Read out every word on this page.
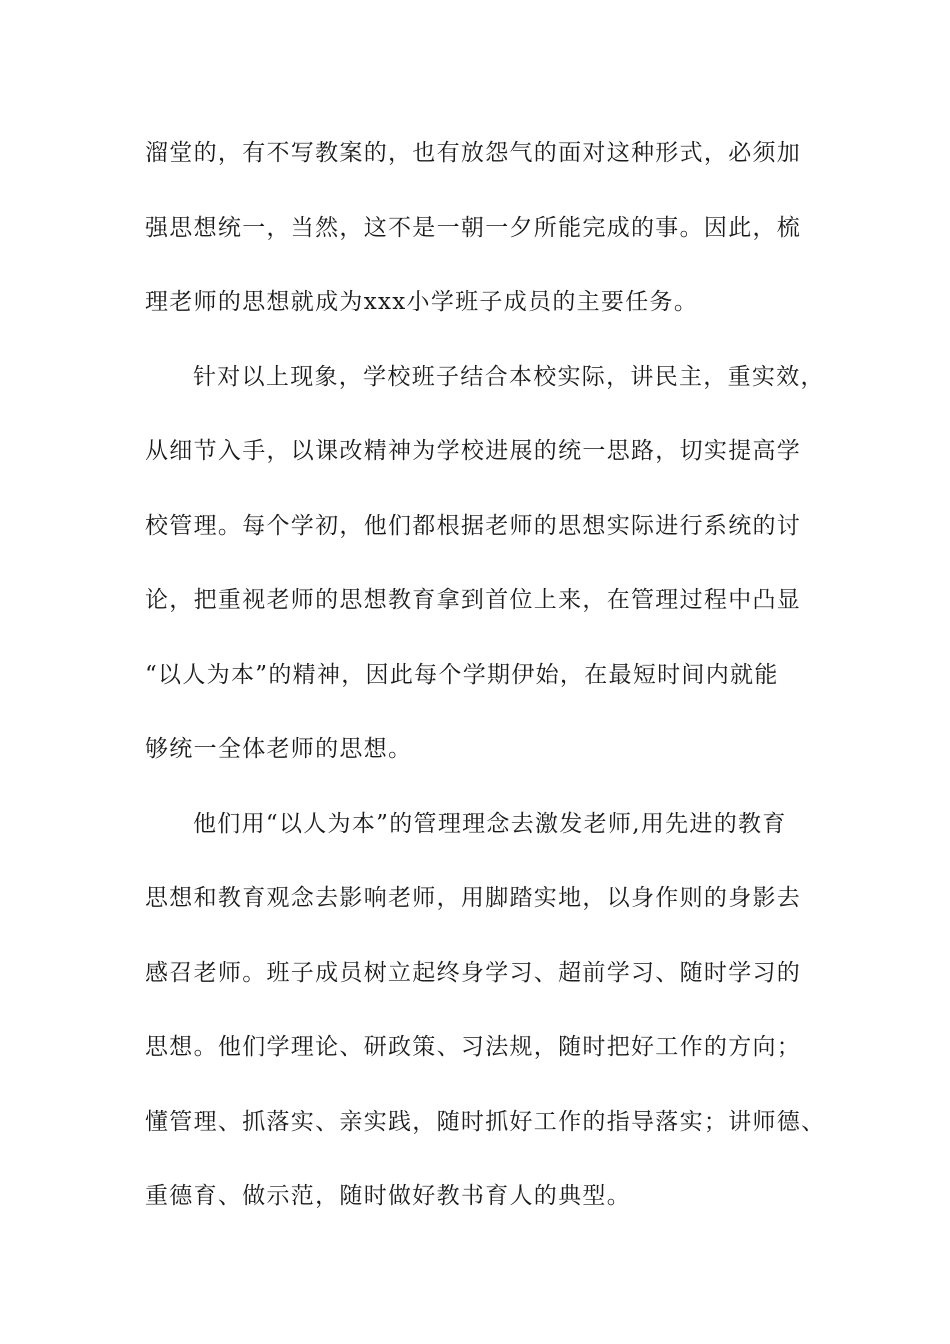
溜堂的，有不写教案的，也有放怨气的面对这种形式，必须加
强思想统一，当然，这不是一朝一夕所能完成的事。因此，梳
理老师的思想就成为xxx小学班子成员的主要任务。
针对以上现象，学校班子结合本校实际，讲民主，重实效，
从细节入手，以课改精神为学校进展的统一思路，切实提高学
校管理。每个学初，他们都根据老师的思想实际进行系统的讨
论，把重视老师的思想教育拿到首位上来，在管理过程中凸显
“以人为本”的精神，因此每个学期伊始，在最短时间内就能
够统一全体老师的思想。
他们用“以人为本”的管理理念去激发老师,用先进的教育
思想和教育观念去影响老师，用脚踏实地，以身作则的身影去
感召老师。班子成员树立起终身学习、超前学习、随时学习的
思想。他们学理论、研政策、习法规，随时把好工作的方向；
懂管理、抓落实、亲实践，随时抓好工作的指导落实；讲师德、
重德育、做示范，随时做好教书育人的典型。
